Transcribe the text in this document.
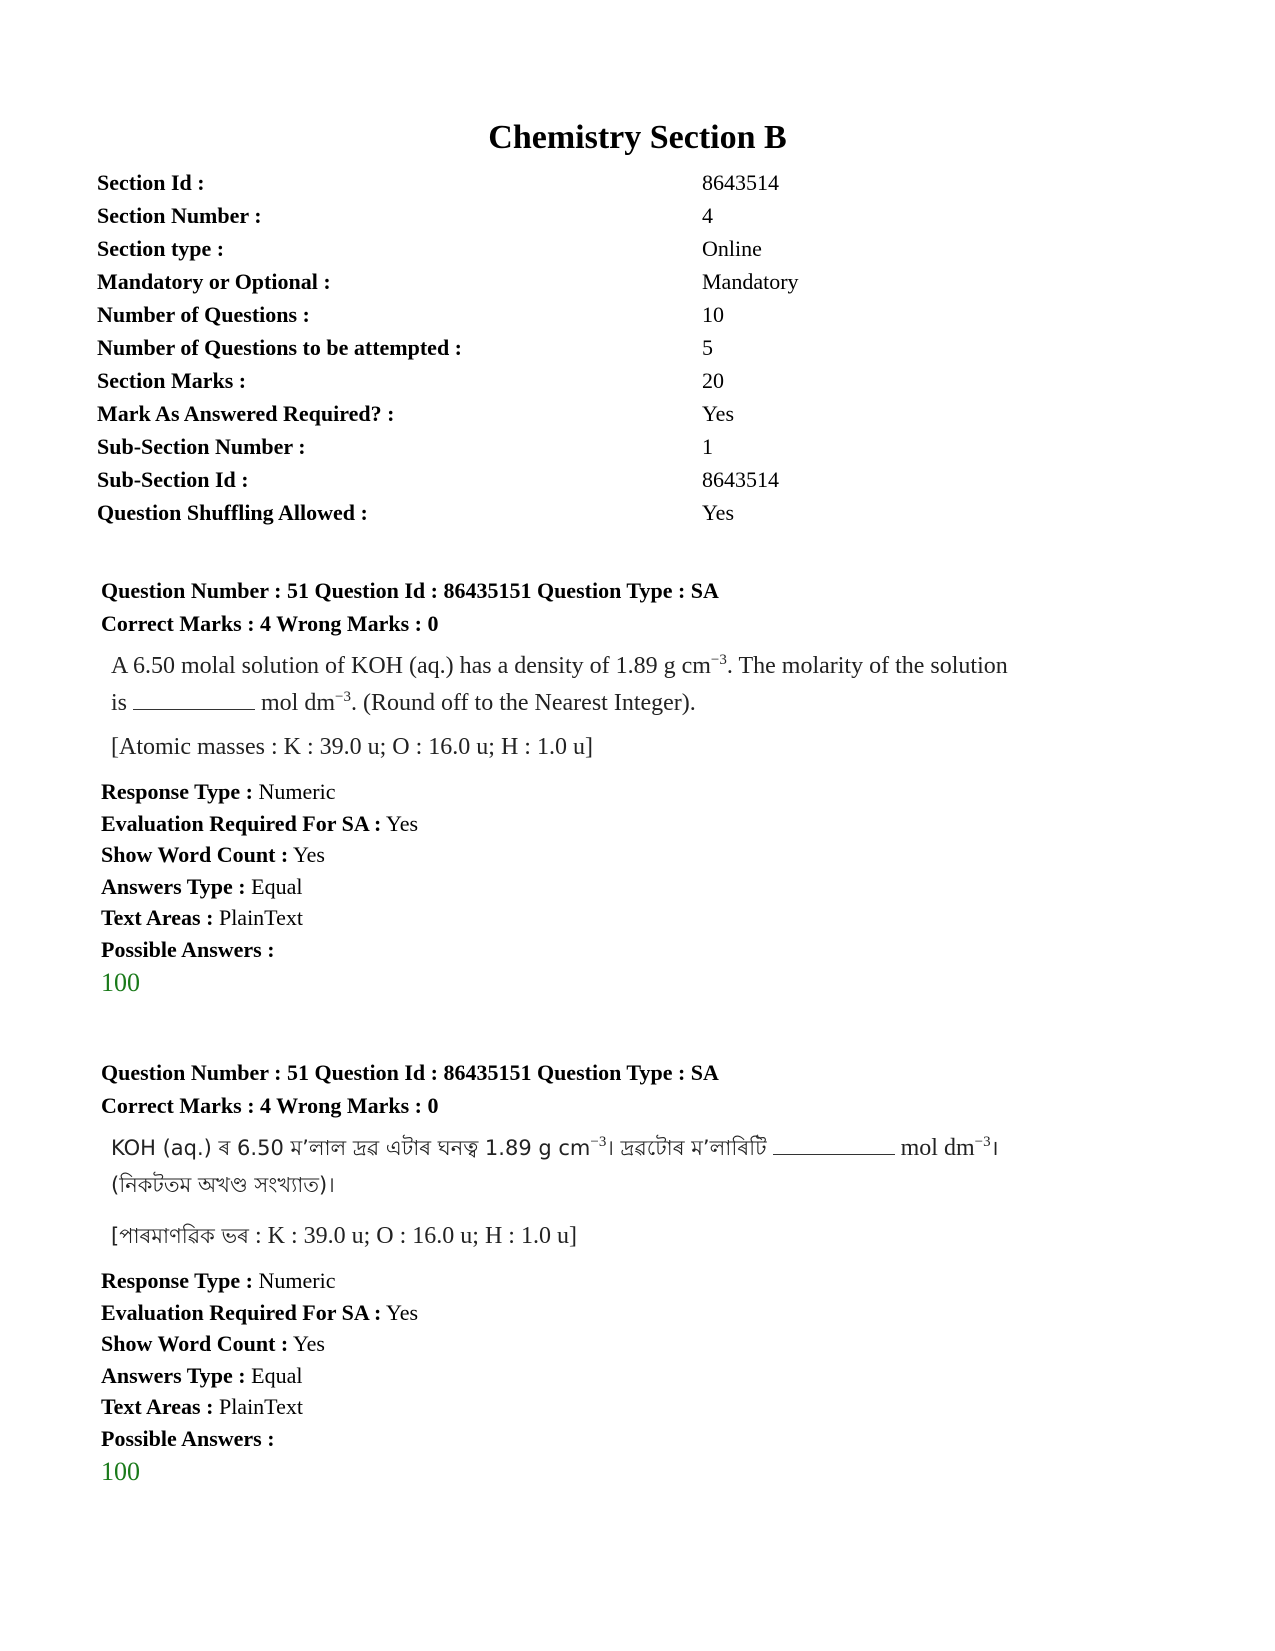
Chemistry Section B
Section Id :	8643514
Section Number :	4
Section type :	Online
Mandatory or Optional :	Mandatory
Number of Questions :	10
Number of Questions to be attempted :	5
Section Marks :	20
Mark As Answered Required? :	Yes
Sub-Section Number :	1
Sub-Section Id :	8643514
Question Shuffling Allowed :	Yes
Question Number : 51 Question Id : 86435151 Question Type : SA
Correct Marks : 4 Wrong Marks : 0
A 6.50 molal solution of KOH (aq.) has a density of 1.89 g $cm^{-3}$. The molarity of the solution
is	mol $dm^{-3}$. (Round off to the Nearest Integer).
[Atomic masses : K : 39.0 u; O : 16.0 u; H : 1.0 u]
Response Type : Numeric
Evaluation Required For SA : Yes
Show Word Count : Yes
Answers Type : Equal
Text Areas : PlainText
Possible Answers :
100
Question Number : 51 Question Id : 86435151 Question Type : SA
Correct Marks : 4 Wrong Marks : 0
KOH (aq.) ৰ 6.50 ম’লাল দ্ৰৱ এটাৰ ঘনত্ব 1.89 g $cm^{-3}।$ দ্ৰৱটোৰ ম’লাৰিটি	mol $dm^{-3}।$
(নিকটতম অখণ্ড সংখ্যাত)।
[পাৰমাণৱিক ভৰ : K : 39.0 u; O : 16.0 u; H : 1.0 u]
Response Type : Numeric
Evaluation Required For SA : Yes
Show Word Count : Yes
Answers Type : Equal
Text Areas : PlainText
Possible Answers :
100
